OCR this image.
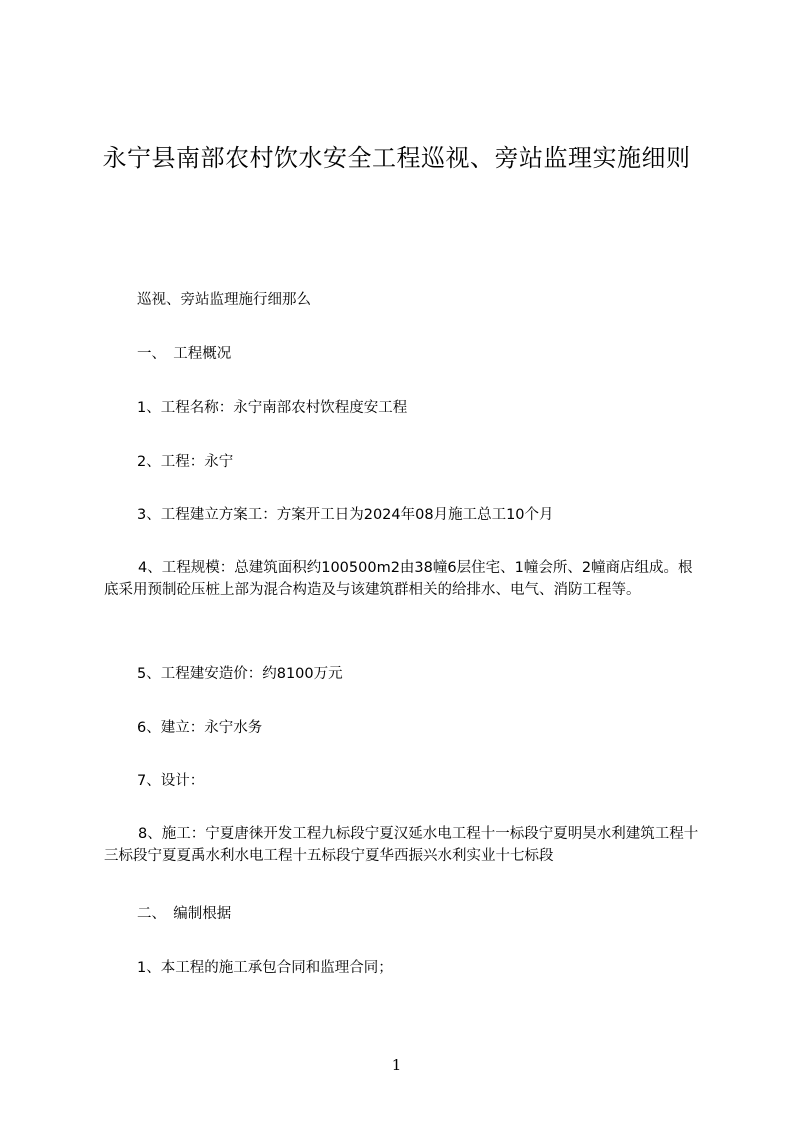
永宁县南部农村饮水安全工程巡视、旁站监理实施细则

巡视、旁站监理施行细那么

一、　工程概况

1、工程名称：永宁南部农村饮程度安工程

2、工程：永宁

3、工程建立方案工：方案开工日为2024年08月施工总工10个月

4、工程规模：总建筑面积约100500m2由38幢6层住宅、1幢会所、2幢商店组成。根底采用预制砼压桩上部为混合构造及与该建筑群相关的给排水、电气、消防工程等。

5、工程建安造价：约8100万元

6、建立：永宁水务

7、设计：

8、施工：宁夏唐徕开发工程九标段宁夏汉延水电工程十一标段宁夏明昊水利建筑工程十三标段宁夏夏禹水利水电工程十五标段宁夏华西振兴水利实业十七标段

二、　编制根据

1、本工程的施工承包合同和监理合同；

1
